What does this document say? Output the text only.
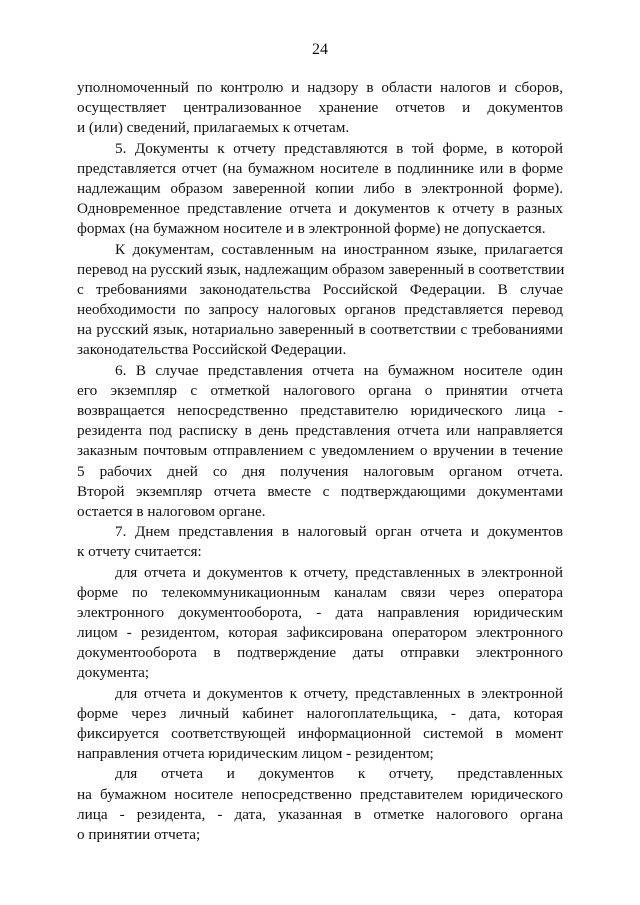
24
уполномоченный по контролю и надзору в области налогов и сборов,
осуществляет централизованное хранение отчетов и документов
и (или) сведений, прилагаемых к отчетам.
5. Документы к отчету представляются в той форме, в которой
представляется отчет (на бумажном носителе в подлиннике или в форме
надлежащим образом заверенной копии либо в электронной форме).
Одновременное представление отчета и документов к отчету в разных
формах (на бумажном носителе и в электронной форме) не допускается.
К документам, составленным на иностранном языке, прилагается
перевод на русский язык, надлежащим образом заверенный в соответствии
с требованиями законодательства Российской Федерации. В случае
необходимости по запросу налоговых органов представляется перевод
на русский язык, нотариально заверенный в соответствии с требованиями
законодательства Российской Федерации.
6. В случае представления отчета на бумажном носителе один
его экземпляр с отметкой налогового органа о принятии отчета
возвращается непосредственно представителю юридического лица -
резидента под расписку в день представления отчета или направляется
заказным почтовым отправлением с уведомлением о вручении в течение
5 рабочих дней со дня получения налоговым органом отчета.
Второй экземпляр отчета вместе с подтверждающими документами
остается в налоговом органе.
7. Днем представления в налоговый орган отчета и документов
к отчету считается:
для отчета и документов к отчету, представленных в электронной
форме по телекоммуникационным каналам связи через оператора
электронного документооборота, - дата направления юридическим
лицом - резидентом, которая зафиксирована оператором электронного
документооборота в подтверждение даты отправки электронного
документа;
для отчета и документов к отчету, представленных в электронной
форме через личный кабинет налогоплательщика, - дата, которая
фиксируется соответствующей информационной системой в момент
направления отчета юридическим лицом - резидентом;
для отчета и документов к отчету, представленных
на бумажном носителе непосредственно представителем юридического
лица - резидента, - дата, указанная в отметке налогового органа
о принятии отчета;
